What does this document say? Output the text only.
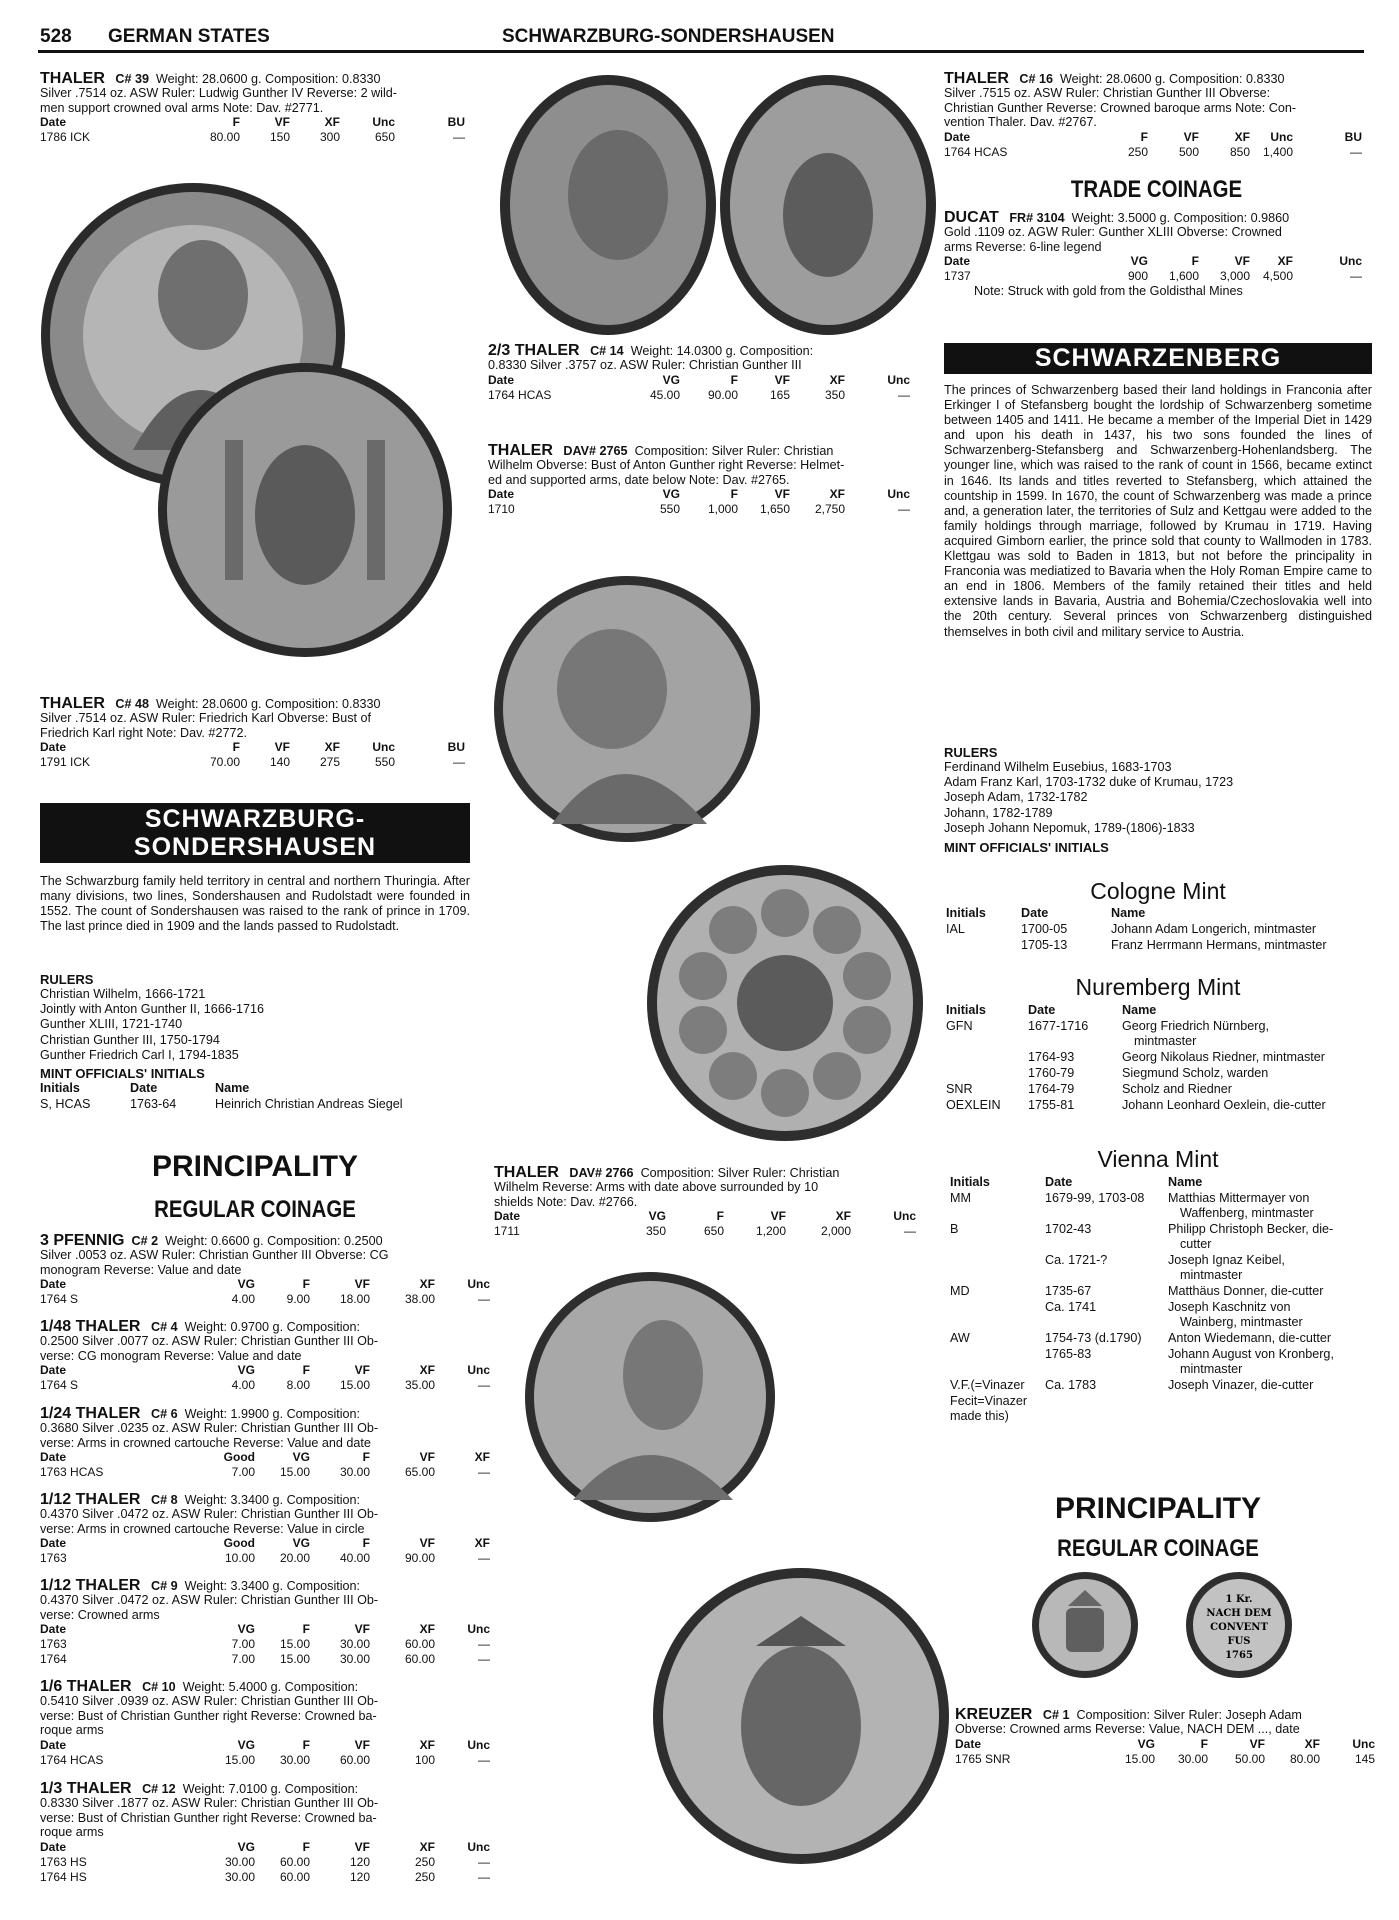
528 GERMAN STATES	SCHWARZBURG-SONDERSHAUSEN
THALER C# 39 Weight: 28.0600 g. Composition: 0.8330
Silver .7514 oz. ASW Ruler: Ludwig Gunther IV Reverse: 2 wild-
men support crowned oval arms Note: Dav. #2771.
Date	F	VF	XF	Unc	BU
1786 ICK	80.00 150 300	650	—
THALER C# 48 Weight: 28.0600 g. Composition: 0.8330
Silver .7514 oz. ASW Ruler: Friedrich Karl Obverse: Bust of
Friedrich Karl right Note: Dav. #2772.
Date	F	VF	XF	Unc	BU
1791 ICK	70.00 140 275	550	—
SCHWARZBURG-
SONDERSHAUSEN
The Schwarzburg family held territory in central and northern Thuringia. After many divisions, two lines, Sondershausen and Rudolstadt were founded in 1552. The count of Sondershausen was raised to the rank of prince in 1709. The last prince died in 1909 and the lands passed to Rudolstadt.
RULERS
Christian Wilhelm, 1666-1721
Jointly with Anton Gunther II, 1666-1716
Gunther XLIII, 1721-1740
Christian Gunther III, 1750-1794
Gunther Friedrich Carl I, 1794-1835
MINT OFFICIALS' INITIALS
Initials	Date	Name
S, HCAS	1763-64	Heinrich Christian Andreas Siegel
PRINCIPALITY
REGULAR COINAGE
3 PFENNIG C# 2 Weight: 0.6600 g. Composition: 0.2500
Silver .0053 oz. ASW Ruler: Christian Gunther III Obverse: CG
monogram Reverse: Value and date
Date	VG	F	VF	XF	Unc
1764 S	4.00	9.00 18.00	38.00	—
1/48 THALER C# 4 Weight: 0.9700 g. Composition:
0.2500 Silver .0077 oz. ASW Ruler: Christian Gunther III Ob-
verse: CG monogram Reverse: Value and date
Date	VG	F	VF	XF	Unc
1764 S	4.00	8.00 15.00	35.00	—
1/24 THALER C# 6 Weight: 1.9900 g. Composition:
0.3680 Silver .0235 oz. ASW Ruler: Christian Gunther III Ob-
verse: Arms in crowned cartouche Reverse: Value and date
Date	Good	VG	F	VF	XF
1763 HCAS	7.00 15.00 30.00	65.00	—
1/12 THALER C# 8 Weight: 3.3400 g. Composition:
0.4370 Silver .0472 oz. ASW Ruler: Christian Gunther III Ob-
verse: Arms in crowned cartouche Reverse: Value in circle
Date	Good	VG	F	VF	XF
1763	10.00 20.00 40.00	90.00	—
1/12 THALER C# 9 Weight: 3.3400 g. Composition:
0.4370 Silver .0472 oz. ASW Ruler: Christian Gunther III Ob-
verse: Crowned arms
Date	VG	F	VF	XF	Unc
1763	7.00 15.00 30.00	60.00	—
1764	7.00 15.00 30.00	60.00	—
1/6 THALER C# 10 Weight: 5.4000 g. Composition:
0.5410 Silver .0939 oz. ASW Ruler: Christian Gunther III Ob-
verse: Bust of Christian Gunther right Reverse: Crowned ba-
roque arms
Date	VG	F	VF	XF	Unc
1764 HCAS	15.00 30.00 60.00	100	—
1/3 THALER C# 12 Weight: 7.0100 g. Composition:
0.8330 Silver .1877 oz. ASW Ruler: Christian Gunther III Ob-
verse: Bust of Christian Gunther right Reverse: Crowned ba-
roque arms
Date	VG	F	VF	XF	Unc
1763 HS	30.00 60.00	120	250	—
1764 HS	30.00 60.00	120	250	—
2/3 THALER C# 14 Weight: 14.0300 g. Composition:
0.8330 Silver .3757 oz. ASW Ruler: Christian Gunther III
Date	VG	F	VF	XF	Unc
1764 HCAS	45.00 90.00	165	350	—
THALER DAV# 2765 Composition: Silver Ruler: Christian
Wilhelm Obverse: Bust of Anton Gunther right Reverse: Helmet-
ed and supported arms, date below Note: Dav. #2765.
Date	VG	F	VF	XF	Unc
1710	550 1,000 1,650 2,750	—
THALER DAV# 2766 Composition: Silver Ruler: Christian
Wilhelm Reverse: Arms with date above surrounded by 10
shields Note: Dav. #2766.
Date	VG	F	VF	XF	Unc
1711	350	650	1,200	2,000	—
THALER C# 16 Weight: 28.0600 g. Composition: 0.8330
Silver .7515 oz. ASW Ruler: Christian Gunther III Obverse:
Christian Gunther Reverse: Crowned baroque arms Note: Con-
vention Thaler. Dav. #2767.
Date	F	VF	XF Unc	BU
1764 HCAS	250	500	850 1,400	—
TRADE COINAGE
DUCAT FR# 3104 Weight: 3.5000 g. Composition: 0.9860
Gold .1109 oz. AGW Ruler: Gunther XLIII Obverse: Crowned
arms Reverse: 6-line legend
Date	VG	F	VF XF	Unc
1737	900 1,600 3,000 4,500	—
Note: Struck with gold from the Goldisthal Mines
SCHWARZENBERG
The princes of Schwarzenberg based their land holdings in Franconia after Erkinger I of Stefansberg bought the lordship of Schwarzenberg sometime between 1405 and 1411. He became a member of the Imperial Diet in 1429 and upon his death in 1437, his two sons founded the lines of Schwarzenberg-Stefansberg and Schwarzenberg-Hohenlandsberg. The younger line, which was raised to the rank of count in 1566, became extinct in 1646. Its lands and titles reverted to Stefansberg, which attained the countship in 1599. In 1670, the count of Schwarzenberg was made a prince and, a generation later, the territories of Sulz and Kettgau were added to the family holdings through marriage, followed by Krumau in 1719. Having acquired Gimborn earlier, the prince sold that county to Wallmoden in 1783. Klettgau was sold to Baden in 1813, but not before the principality in Franconia was mediatized to Bavaria when the Holy Roman Empire came to an end in 1806. Members of the family retained their titles and held extensive lands in Bavaria, Austria and Bohemia/Czechoslovakia well into the 20th century. Several princes von Schwarzenberg distinguished themselves in both civil and military service to Austria.
RULERS
Ferdinand Wilhelm Eusebius, 1683-1703
Adam Franz Karl, 1703-1732 duke of Krumau, 1723
Joseph Adam, 1732-1782
Johann, 1782-1789
Joseph Johann Nepomuk, 1789-(1806)-1833
MINT OFFICIALS' INITIALS
Cologne Mint
Initials	Date	Name
IAL	1700-05	Johann Adam Longerich, mintmaster
1705-13	Franz Herrmann Hermans, mintmaster
Nuremberg Mint
Initials	Date	Name
GFN	1677-1716	Georg Friedrich Nürnberg,
mintmaster
1764-93	Georg Nikolaus Riedner, mintmaster
1760-79	Siegmund Scholz, warden
SNR	1764-79	Scholz and Riedner
OEXLEIN 1755-81	Johann Leonhard Oexlein, die-cutter
Vienna Mint
Initials	Date	Name
MM	1679-99, 1703-08 Matthias Mittermayer von
Waffenberg, mintmaster
B	1702-43	Philipp Christoph Becker, die-
cutter
Ca. 1721-?	Joseph Ignaz Keibel,
mintmaster
MD	1735-67	Matthäus Donner, die-cutter
Ca. 1741	Joseph Kaschnitz von
Wainberg, mintmaster
AW	1754-73 (d.1790) Anton Wiedemann, die-cutter
1765-83	Johann August von Kronberg,
mintmaster
V.F.(=Vinazer Ca. 1783	Joseph Vinazer, die-cutter
Fecit=Vinazer
made this)
PRINCIPALITY
REGULAR COINAGE
1 Kr.
NACH DEM
CONVENT
FUS
1765
KREUZER C# 1 Composition: Silver Ruler: Joseph Adam
Obverse: Crowned arms Reverse: Value, NACH DEM ..., date
Date	VG	F	VF	XF	Unc
1765 SNR	15.00 30.00 50.00 80.00	145
